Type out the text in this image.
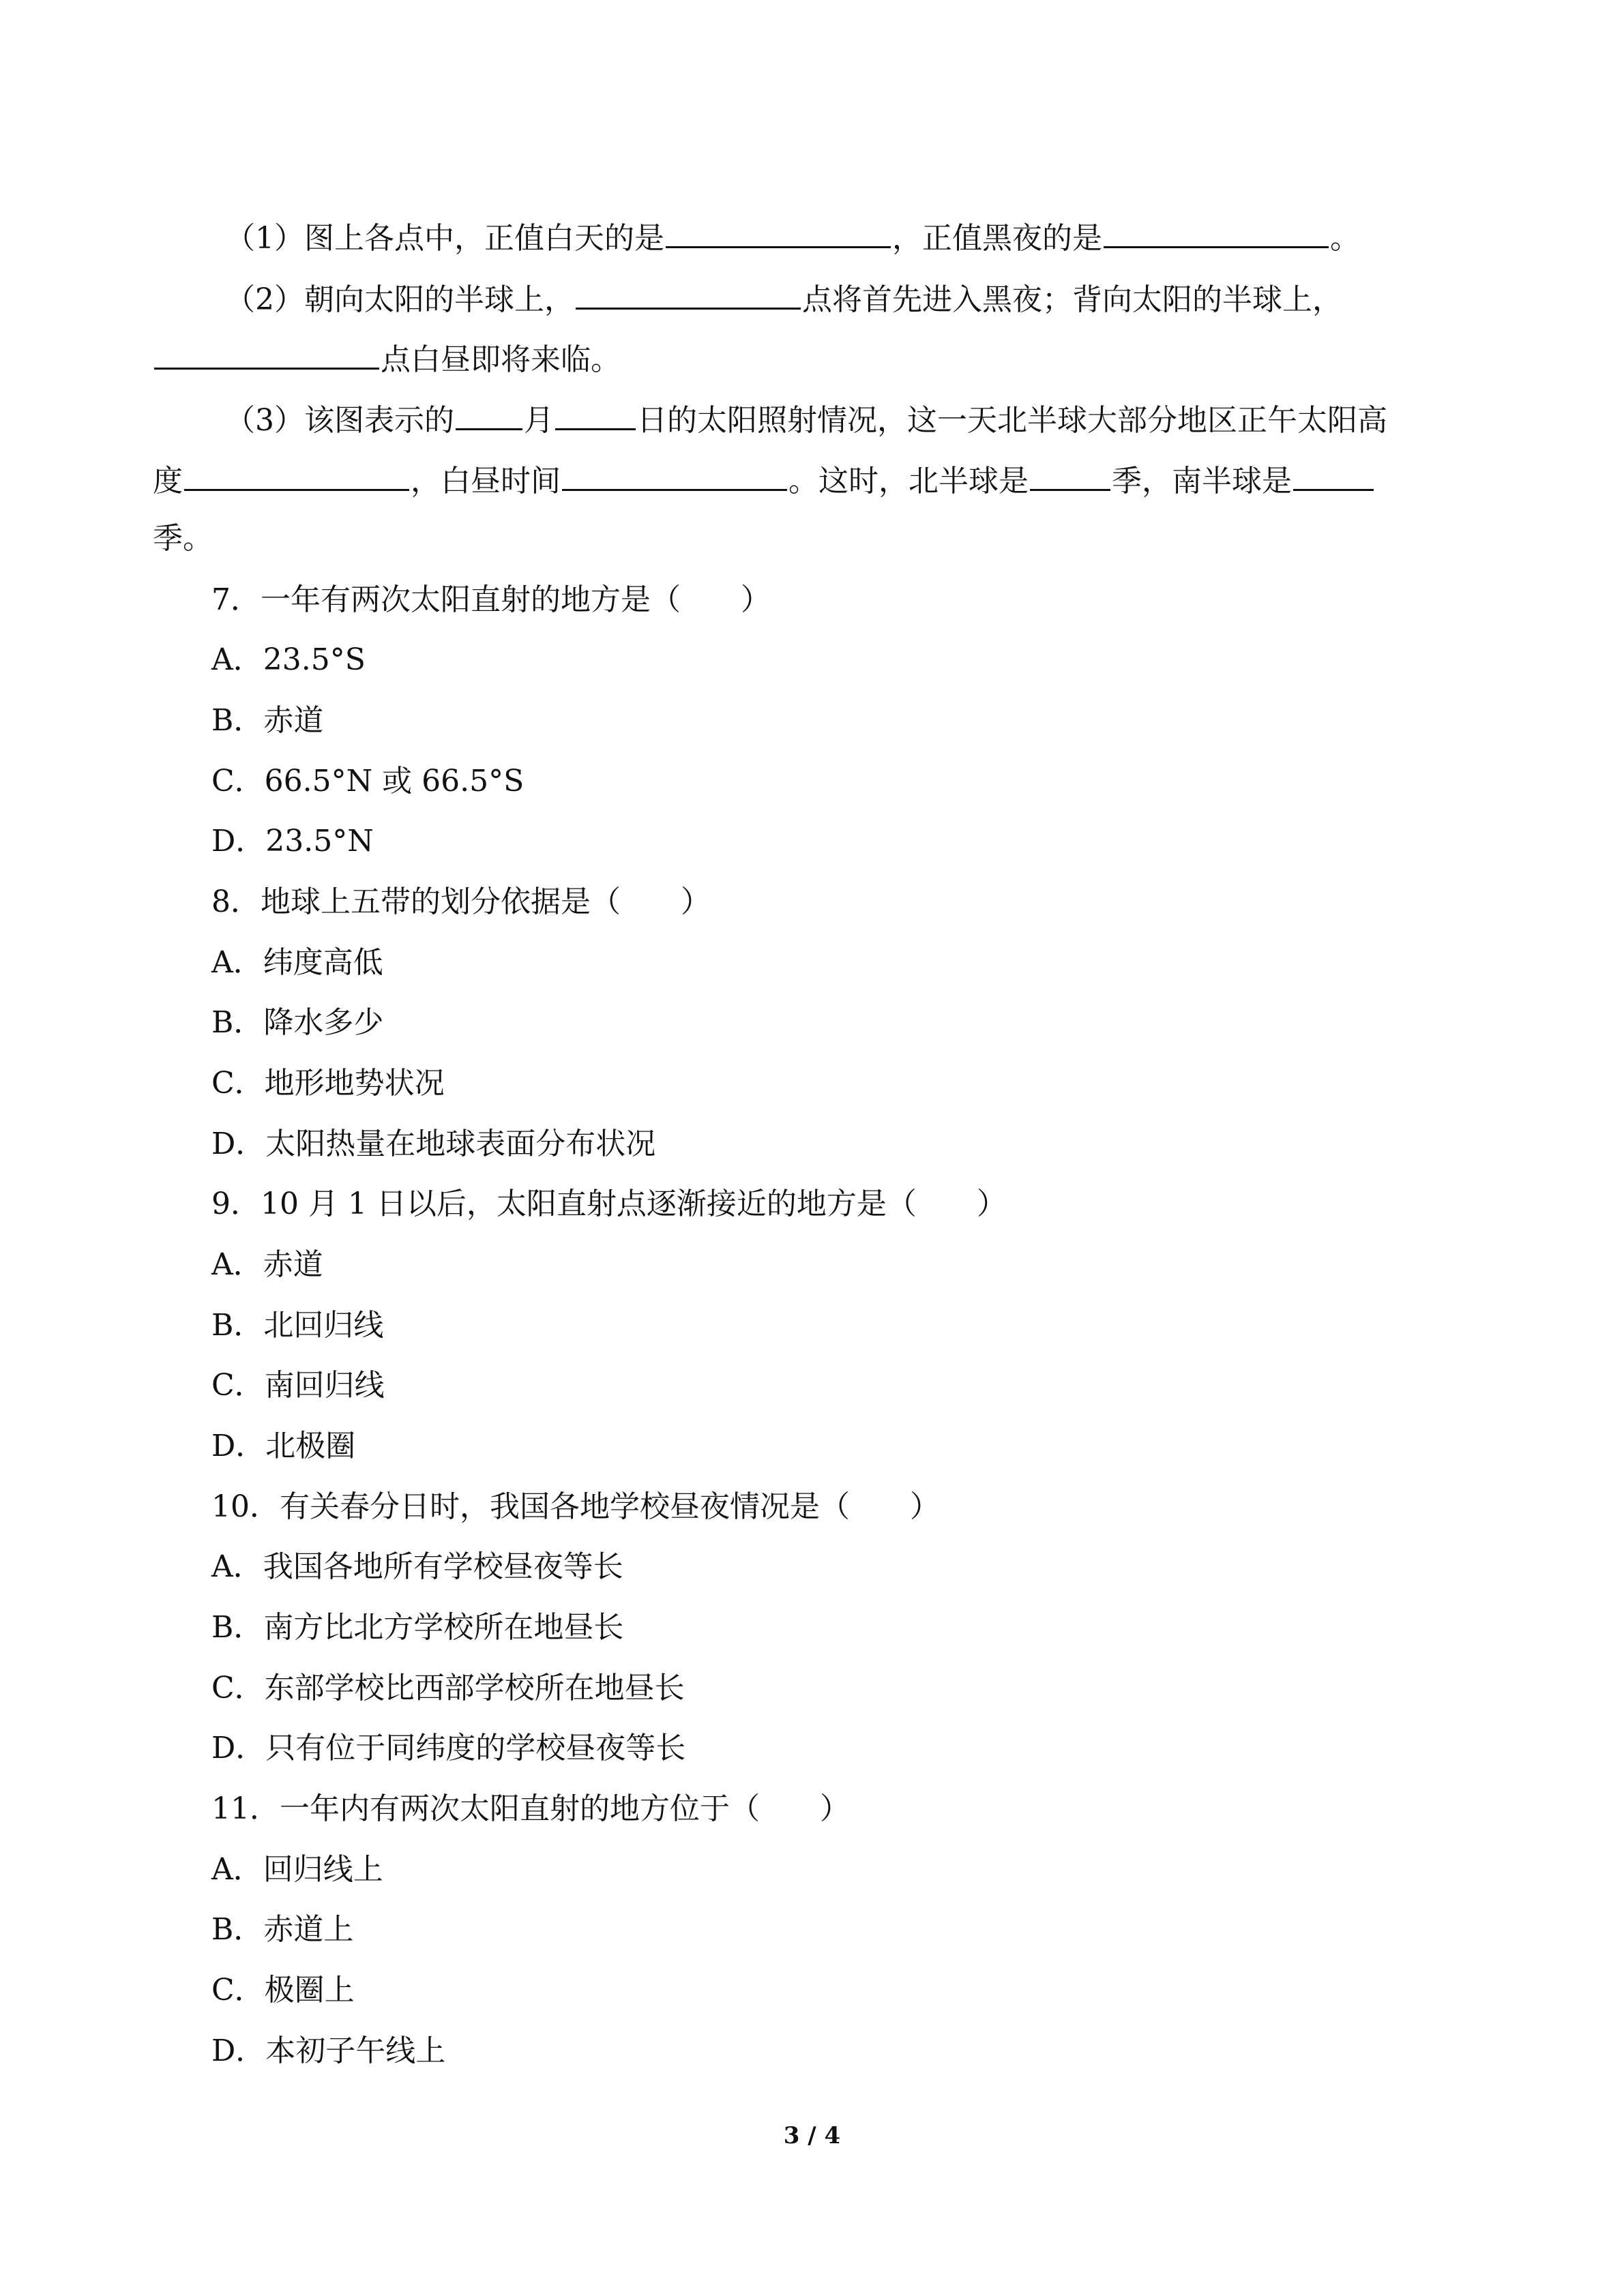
（1）图上各点中，正值白天的是	，正值黑夜的是	。
（2）朝向太阳的半球上，	点将首先进入黑夜；背向太阳的半球上，
点白昼即将来临。
（3）该图表示的 月	日的太阳照射情况，这一天北半球大部分地区正午太阳高
度	，白昼时间	。这时，北半球是	季，南半球是
季。
7．一年有两次太阳直射的地方是（　　）
A．23.5°S
B．赤道
C．66.5°N 或 66.5°S
D．23.5°N
8．地球上五带的划分依据是（　　）
A．纬度高低
B．降水多少
C．地形地势状况
D．太阳热量在地球表面分布状况
9．10 月 1 日以后，太阳直射点逐渐接近的地方是（　　）
A．赤道
B．北回归线
C．南回归线
D．北极圈
10．有关春分日时，我国各地学校昼夜情况是（　　）
A．我国各地所有学校昼夜等长
B．南方比北方学校所在地昼长
C．东部学校比西部学校所在地昼长
D．只有位于同纬度的学校昼夜等长
11．一年内有两次太阳直射的地方位于（　　）
A．回归线上
B．赤道上
C．极圈上
D．本初子午线上
3 / 4
